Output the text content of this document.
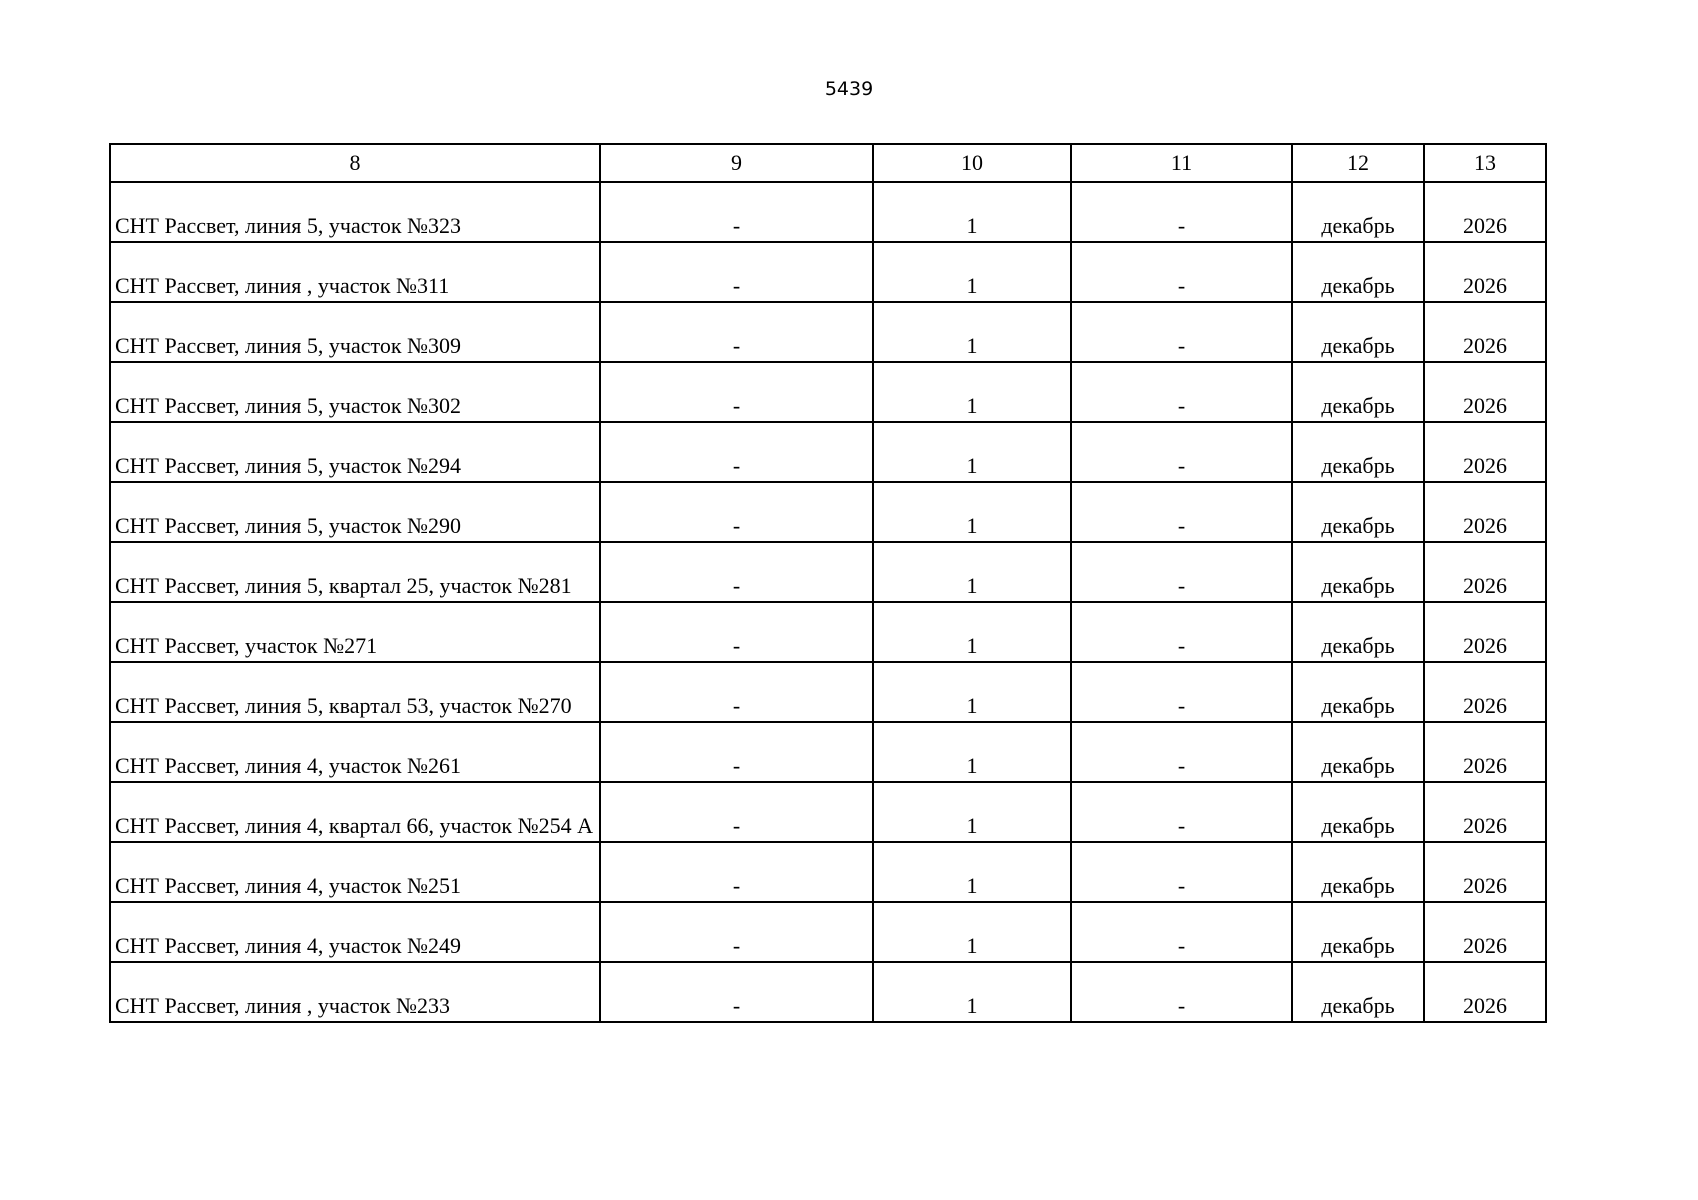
5439
8	9	10	11	12	13
СНТ Рассвет, линия 5, участок №323	-	1	-	декабрь	2026
СНТ Рассвет, линия , участок №311	-	1	-	декабрь	2026
СНТ Рассвет, линия 5, участок №309	-	1	-	декабрь	2026
СНТ Рассвет, линия 5, участок №302	-	1	-	декабрь	2026
СНТ Рассвет, линия 5, участок №294	-	1	-	декабрь	2026
СНТ Рассвет, линия 5, участок №290	-	1	-	декабрь	2026
СНТ Рассвет, линия 5, квартал 25, участок №281	-	1	-	декабрь	2026
СНТ Рассвет, участок №271	-	1	-	декабрь	2026
СНТ Рассвет, линия 5, квартал 53, участок №270	-	1	-	декабрь	2026
СНТ Рассвет, линия 4, участок №261	-	1	-	декабрь	2026
СНТ Рассвет, линия 4, квартал 66, участок №254 А	-	1	-	декабрь	2026
СНТ Рассвет, линия 4, участок №251	-	1	-	декабрь	2026
СНТ Рассвет, линия 4, участок №249	-	1	-	декабрь	2026
СНТ Рассвет, линия , участок №233	-	1	-	декабрь	2026
